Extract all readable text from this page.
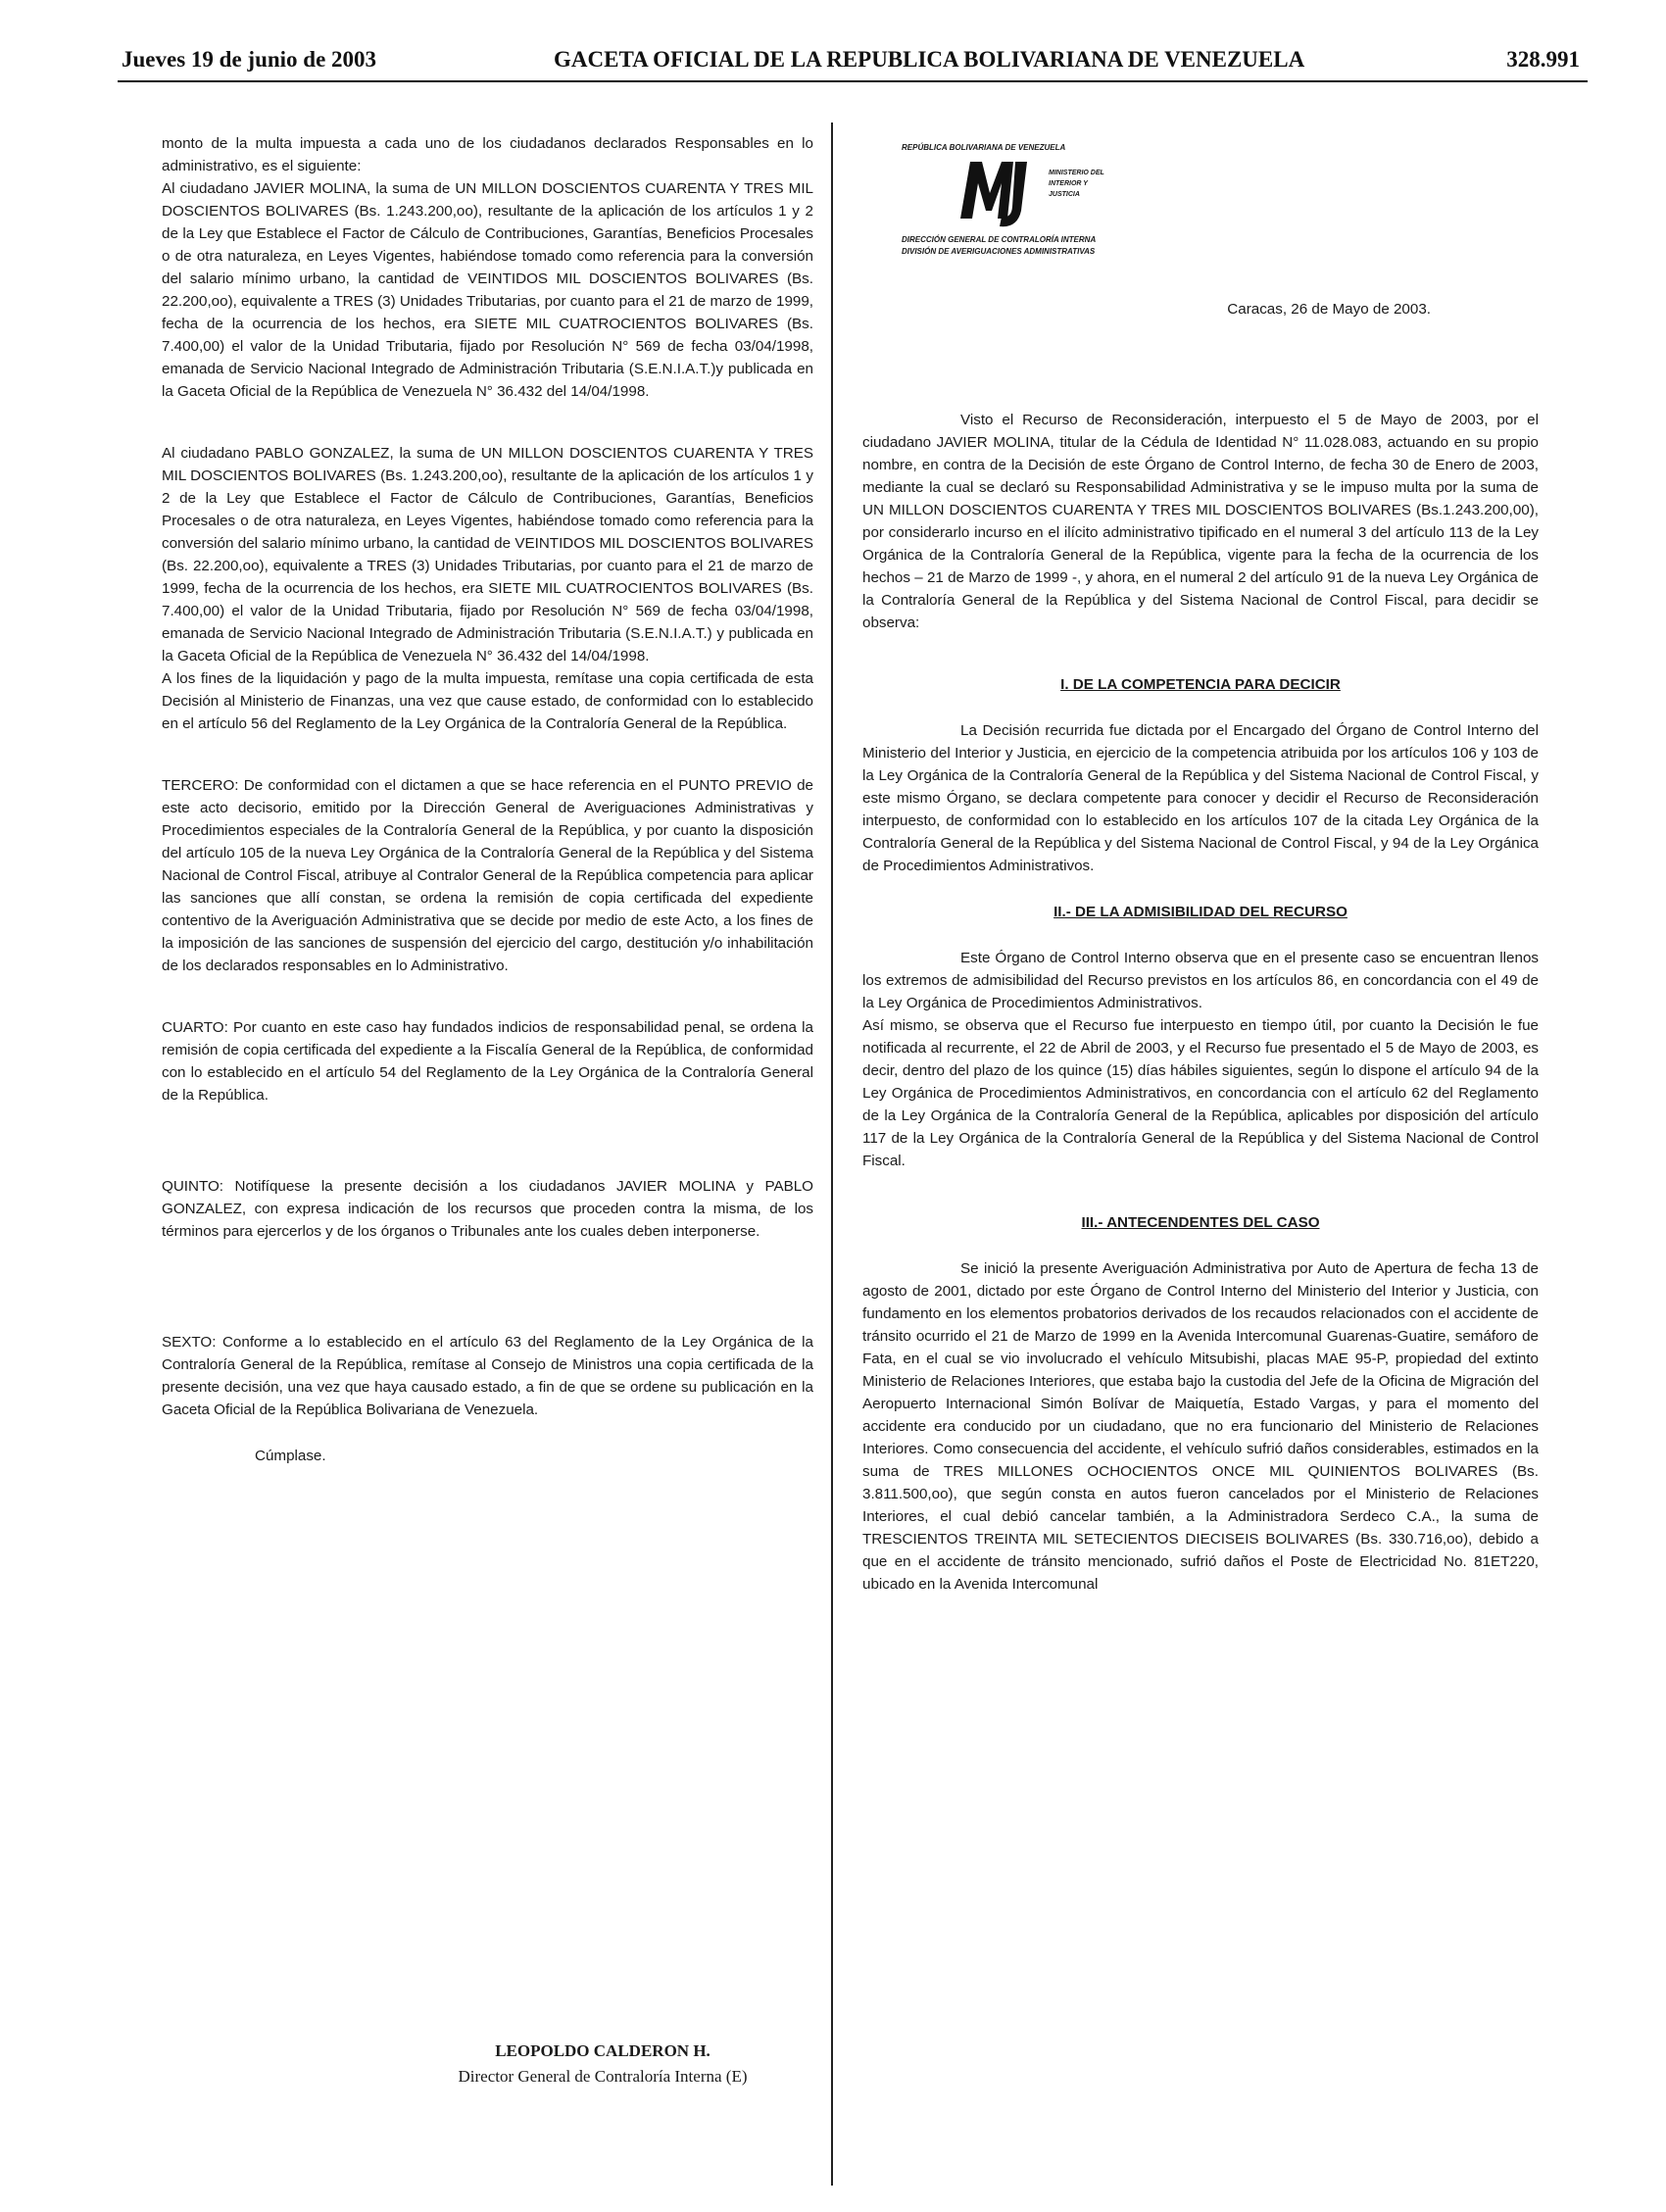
Jueves 19 de junio de 2003	GACETA OFICIAL DE LA REPUBLICA BOLIVARIANA DE VENEZUELA	328.991

monto de la multa impuesta a cada uno de los ciudadanos declarados Responsables en lo administrativo, es el siguiente:

Al ciudadano JAVIER MOLINA, la suma de UN MILLON DOSCIENTOS CUARENTA Y TRES MIL DOSCIENTOS BOLIVARES (Bs. 1.243.200,oo), resultante de la aplicación de los artículos 1 y 2 de la Ley que Establece el Factor de Cálculo de Contribuciones, Garantías, Beneficios Procesales o de otra naturaleza, en Leyes Vigentes, habiéndose tomado como referencia para la conversión del salario mínimo urbano, la cantidad de VEINTIDOS MIL DOSCIENTOS BOLIVARES (Bs. 22.200,oo), equivalente a TRES (3) Unidades Tributarias, por cuanto para el 21 de marzo de 1999, fecha de la ocurrencia de los hechos, era SIETE MIL CUATROCIENTOS BOLIVARES (Bs. 7.400,00) el valor de la Unidad Tributaria, fijado por Resolución N° 569 de fecha 03/04/1998, emanada de Servicio Nacional Integrado de Administración Tributaria (S.E.N.I.A.T.)y publicada en la Gaceta Oficial de la República de Venezuela N° 36.432 del 14/04/1998.

Al ciudadano PABLO GONZALEZ, la suma de UN MILLON DOSCIENTOS CUARENTA Y TRES MIL DOSCIENTOS BOLIVARES (Bs. 1.243.200,oo), resultante de la aplicación de los artículos 1 y 2 de la Ley que Establece el Factor de Cálculo de Contribuciones, Garantías, Beneficios Procesales o de otra naturaleza, en Leyes Vigentes, habiéndose tomado como referencia para la conversión del salario mínimo urbano, la cantidad de VEINTIDOS MIL DOSCIENTOS BOLIVARES (Bs. 22.200,oo), equivalente a TRES (3) Unidades Tributarias, por cuanto para el 21 de marzo de 1999, fecha de la ocurrencia de los hechos, era SIETE MIL CUATROCIENTOS BOLIVARES (Bs. 7.400,00) el valor de la Unidad Tributaria, fijado por Resolución N° 569 de fecha 03/04/1998, emanada de Servicio Nacional Integrado de Administración Tributaria (S.E.N.I.A.T.) y publicada en la Gaceta Oficial de la República de Venezuela N° 36.432 del 14/04/1998.

A los fines de la liquidación y pago de la multa impuesta, remítase una copia certificada de esta Decisión al Ministerio de Finanzas, una vez que cause estado, de conformidad con lo establecido en el artículo 56 del Reglamento de la Ley Orgánica de la Contraloría General de la República.

TERCERO: De conformidad con el dictamen a que se hace referencia en el PUNTO PREVIO de este acto decisorio, emitido por la Dirección General de Averiguaciones Administrativas y Procedimientos especiales de la Contraloría General de la República, y por cuanto la disposición del artículo 105 de la nueva Ley Orgánica de la Contraloría General de la República y del Sistema Nacional de Control Fiscal, atribuye al Contralor General de la República competencia para aplicar las sanciones que allí constan, se ordena la remisión de copia certificada del expediente contentivo de la Averiguación Administrativa que se decide por medio de este Acto, a los fines de la imposición de las sanciones de suspensión del ejercicio del cargo, destitución y/o inhabilitación de los declarados responsables en lo Administrativo.

CUARTO: Por cuanto en este caso hay fundados indicios de responsabilidad penal, se ordena la remisión de copia certificada del expediente a la Fiscalía General de la República, de conformidad con lo establecido en el artículo 54 del Reglamento de la Ley Orgánica de la Contraloría General de la República.

QUINTO: Notifíquese la presente decisión a los ciudadanos JAVIER MOLINA y PABLO GONZALEZ, con expresa indicación de los recursos que proceden contra la misma, de los términos para ejercerlos y de los órganos o Tribunales ante los cuales deben interponerse.

SEXTO: Conforme a lo establecido en el artículo 63 del Reglamento de la Ley Orgánica de la Contraloría General de la República, remítase al Consejo de Ministros una copia certificada de la presente decisión, una vez que haya causado estado, a fin de que se ordene su publicación en la Gaceta Oficial de la República Bolivariana de Venezuela.

Cúmplase.

LEOPOLDO CALDERON H.
Director General de Contraloría Interna (E)
REPÚBLICA BOLIVARIANA DE VENEZUELA
MINISTERIO DEL
INTERIOR Y
JUSTICIA
DIRECCIÓN GENERAL DE CONTRALORÍA INTERNA
DIVISIÓN DE AVERIGUACIONES ADMINISTRATIVAS

Caracas, 26 de Mayo de 2003.

Visto el Recurso de Reconsideración, interpuesto el 5 de Mayo de 2003, por el ciudadano JAVIER MOLINA, titular de la Cédula de Identidad N° 11.028.083, actuando en su propio nombre, en contra de la Decisión de este Órgano de Control Interno, de fecha 30 de Enero de 2003, mediante la cual se declaró su Responsabilidad Administrativa y se le impuso multa por la suma de UN MILLON DOSCIENTOS CUARENTA Y TRES MIL DOSCIENTOS BOLIVARES (Bs.1.243.200,00), por considerarlo incurso en el ilícito administrativo tipificado en el numeral 3 del artículo 113 de la Ley Orgánica de la Contraloría General de la República, vigente para la fecha de la ocurrencia de los hechos – 21 de Marzo de 1999 -, y ahora, en el numeral 2 del artículo 91 de la nueva Ley Orgánica de la Contraloría General de la República y del Sistema Nacional de Control Fiscal, para decidir se observa:

I. DE LA COMPETENCIA PARA DECICIR

La Decisión recurrida fue dictada por el Encargado del Órgano de Control Interno del Ministerio del Interior y Justicia, en ejercicio de la competencia atribuida por los artículos 106 y 103 de la Ley Orgánica de la Contraloría General de la República y del Sistema Nacional de Control Fiscal, y este mismo Órgano, se declara competente para conocer y decidir el Recurso de Reconsideración interpuesto, de conformidad con lo establecido en los artículos 107 de la citada Ley Orgánica de la Contraloría General de la República y del Sistema Nacional de Control Fiscal, y 94 de la Ley Orgánica de Procedimientos Administrativos.

II.- DE LA ADMISIBILIDAD DEL RECURSO

Este Órgano de Control Interno observa que en el presente caso se encuentran llenos los extremos de admisibilidad del Recurso previstos en los artículos 86, en concordancia con el 49 de la Ley Orgánica de Procedimientos Administrativos.

Así mismo, se observa que el Recurso fue interpuesto en tiempo útil, por cuanto la Decisión le fue notificada al recurrente, el 22 de Abril de 2003, y el Recurso fue presentado el 5 de Mayo de 2003, es decir, dentro del plazo de los quince (15) días hábiles siguientes, según lo dispone el artículo 94 de la Ley Orgánica de Procedimientos Administrativos, en concordancia con el artículo 62 del Reglamento de la Ley Orgánica de la Contraloría General de la República, aplicables por disposición del artículo 117 de la Ley Orgánica de la Contraloría General de la República y del Sistema Nacional de Control Fiscal.

III.- ANTECENDENTES DEL CASO

Se inició la presente Averiguación Administrativa por Auto de Apertura de fecha 13 de agosto de 2001, dictado por este Órgano de Control Interno del Ministerio del Interior y Justicia, con fundamento en los elementos probatorios derivados de los recaudos relacionados con el accidente de tránsito ocurrido el 21 de Marzo de 1999 en la Avenida Intercomunal Guarenas-Guatire, semáforo de Fata, en el cual se vio involucrado el vehículo Mitsubishi, placas MAE 95-P, propiedad del extinto Ministerio de Relaciones Interiores, que estaba bajo la custodia del Jefe de la Oficina de Migración del Aeropuerto Internacional Simón Bolívar de Maiquetía, Estado Vargas, y para el momento del accidente era conducido por un ciudadano, que no era funcionario del Ministerio de Relaciones Interiores. Como consecuencia del accidente, el vehículo sufrió daños considerables, estimados en la suma de TRES MILLONES OCHOCIENTOS ONCE MIL QUINIENTOS BOLIVARES (Bs. 3.811.500,oo), que según consta en autos fueron cancelados por el Ministerio de Relaciones Interiores, el cual debió cancelar también, a la Administradora Serdeco C.A., la suma de TRESCIENTOS TREINTA MIL SETECIENTOS DIECISEIS BOLIVARES (Bs. 330.716,oo), debido a que en el accidente de tránsito mencionado, sufrió daños el Poste de Electricidad No. 81ET220, ubicado en la Avenida Intercomunal
